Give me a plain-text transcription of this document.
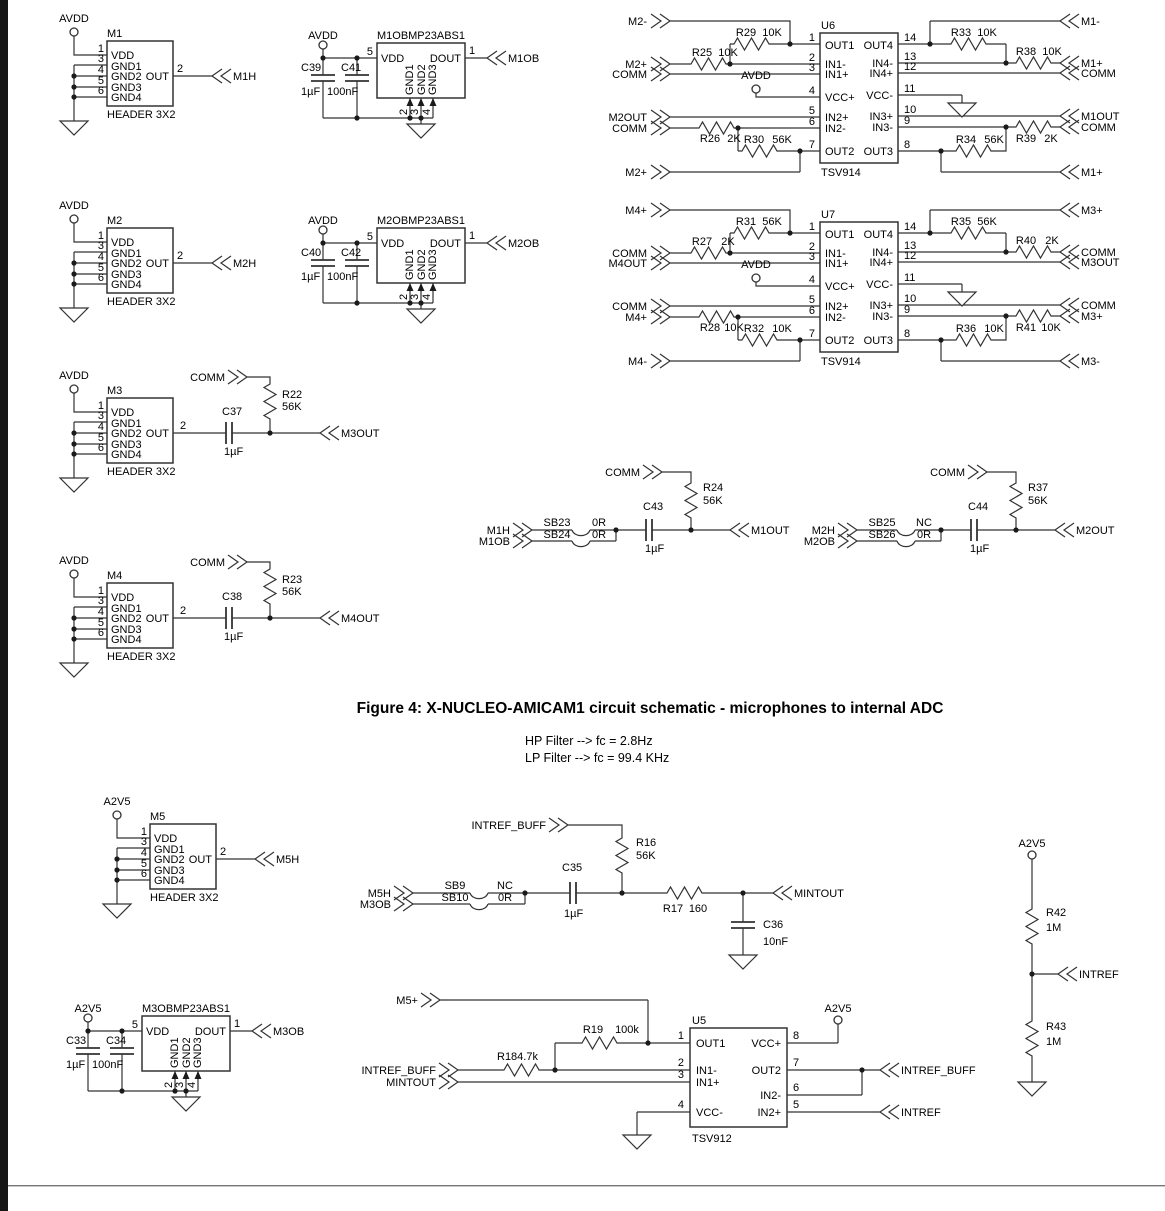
AVDD
M1
VDD
GND1
GND2
GND3
GND4
OUT
1
3
4
5
6
HEADER 3X2
2
M1H
AVDD
M2
VDD
GND1
GND2
GND3
GND4
OUT
1
3
4
5
6
HEADER 3X2
2
M2H
AVDD
M3
VDD
GND1
GND2
GND3
GND4
OUT
1
3
4
5
6
HEADER 3X2
2
COMM
C37
1µF
R22
56K
M3OUT
AVDD
M4
VDD
GND1
GND2
GND3
GND4
OUT
1
3
4
5
6
HEADER 3X2
2
COMM
C38
1µF
R23
56K
M4OUT
A2V5
M5
VDD
GND1
GND2
GND3
GND4
OUT
1
3
4
5
6
HEADER 3X2
2
M5H
AVDD	M1OB MP23ABS1
5
VDD DOUT
1
M1OB
C39
1µF
C41
100nF	GND1 GND2 GND3
2 3 4
AVDD	M2OB MP23ABS1
5
VDD DOUT
1
M2OB
C40
1µF
C42
100nF	GND1 GND2 GND3
2 3 4
A2V5	M3OB MP23ABS1
5
VDD DOUT
1
M3OB
C33
1µF
C34
100nF	GND1 GND2 GND3
2 3 4
U6
TSV914
AVDD
OUT1
IN1-
IN1+
VCC+
IN2+
IN2-
OUT2
OUT4
IN4-
IN4+
VCC-
IN3+
IN3-
OUT3
1
2
3
4
5
6
7
14
13
12
11
10
9
8
M2-
M2+
COMM
M2OUT
COMM
M2+
M1-
M1+
COMM
M1OUT
COMM
M1+
R29 10K
R25 10K
R26 2K R30 56K
R33 10K
R38 10K
R39 2K
R34 56K
U7
TSV914
AVDD
OUT1
IN1-
IN1+
VCC+
IN2+
IN2-
OUT2
OUT4
IN4-
IN4+
VCC-
IN3+
IN3-
OUT3
1
2
3
4
5
6
7
14
13
12
11
10
9
8
M4+
COMM
M4OUT
COMM
M4+
M4-
M3+
COMM
M3OUT
COMM
M3+
M3-
R31 56K
R27 2K
R28 10K R32 10K
R35 56K
R40 2K
R41 10K
R36 10K
M1H
M1OB
SB23 0R
SB24 0R
C43
1µF
COMM
R24
56K
M1OUT M2H
M2OB
SB25 NC
SB26 0R
C44
1µF
COMM
R37
56K
M2OUT
Figure 4: X-NUCLEO-AMICAM1 circuit schematic - microphones to internal ADC
HP Filter --> fc = 2.8Hz
LP Filter --> fc = 99.4 KHz
M5H
M3OB
SB9	NC
SB10	0R
C35
1µF
INTREF_BUFF
R16
56K
R17 160
C36
10nF
MINTOUT
U5
TSV912
A2V5
OUT1
IN1-
IN1+
VCC-
VCC+
OUT2
IN2-
IN2+
1
2
3
4
8
7
6
5
M5+
INTREF_BUFF
MINTOUT
INTREF_BUFF
INTREF
R19 100k
R184.7k
A2V5
R42
1M
R43
1M
INTREF
